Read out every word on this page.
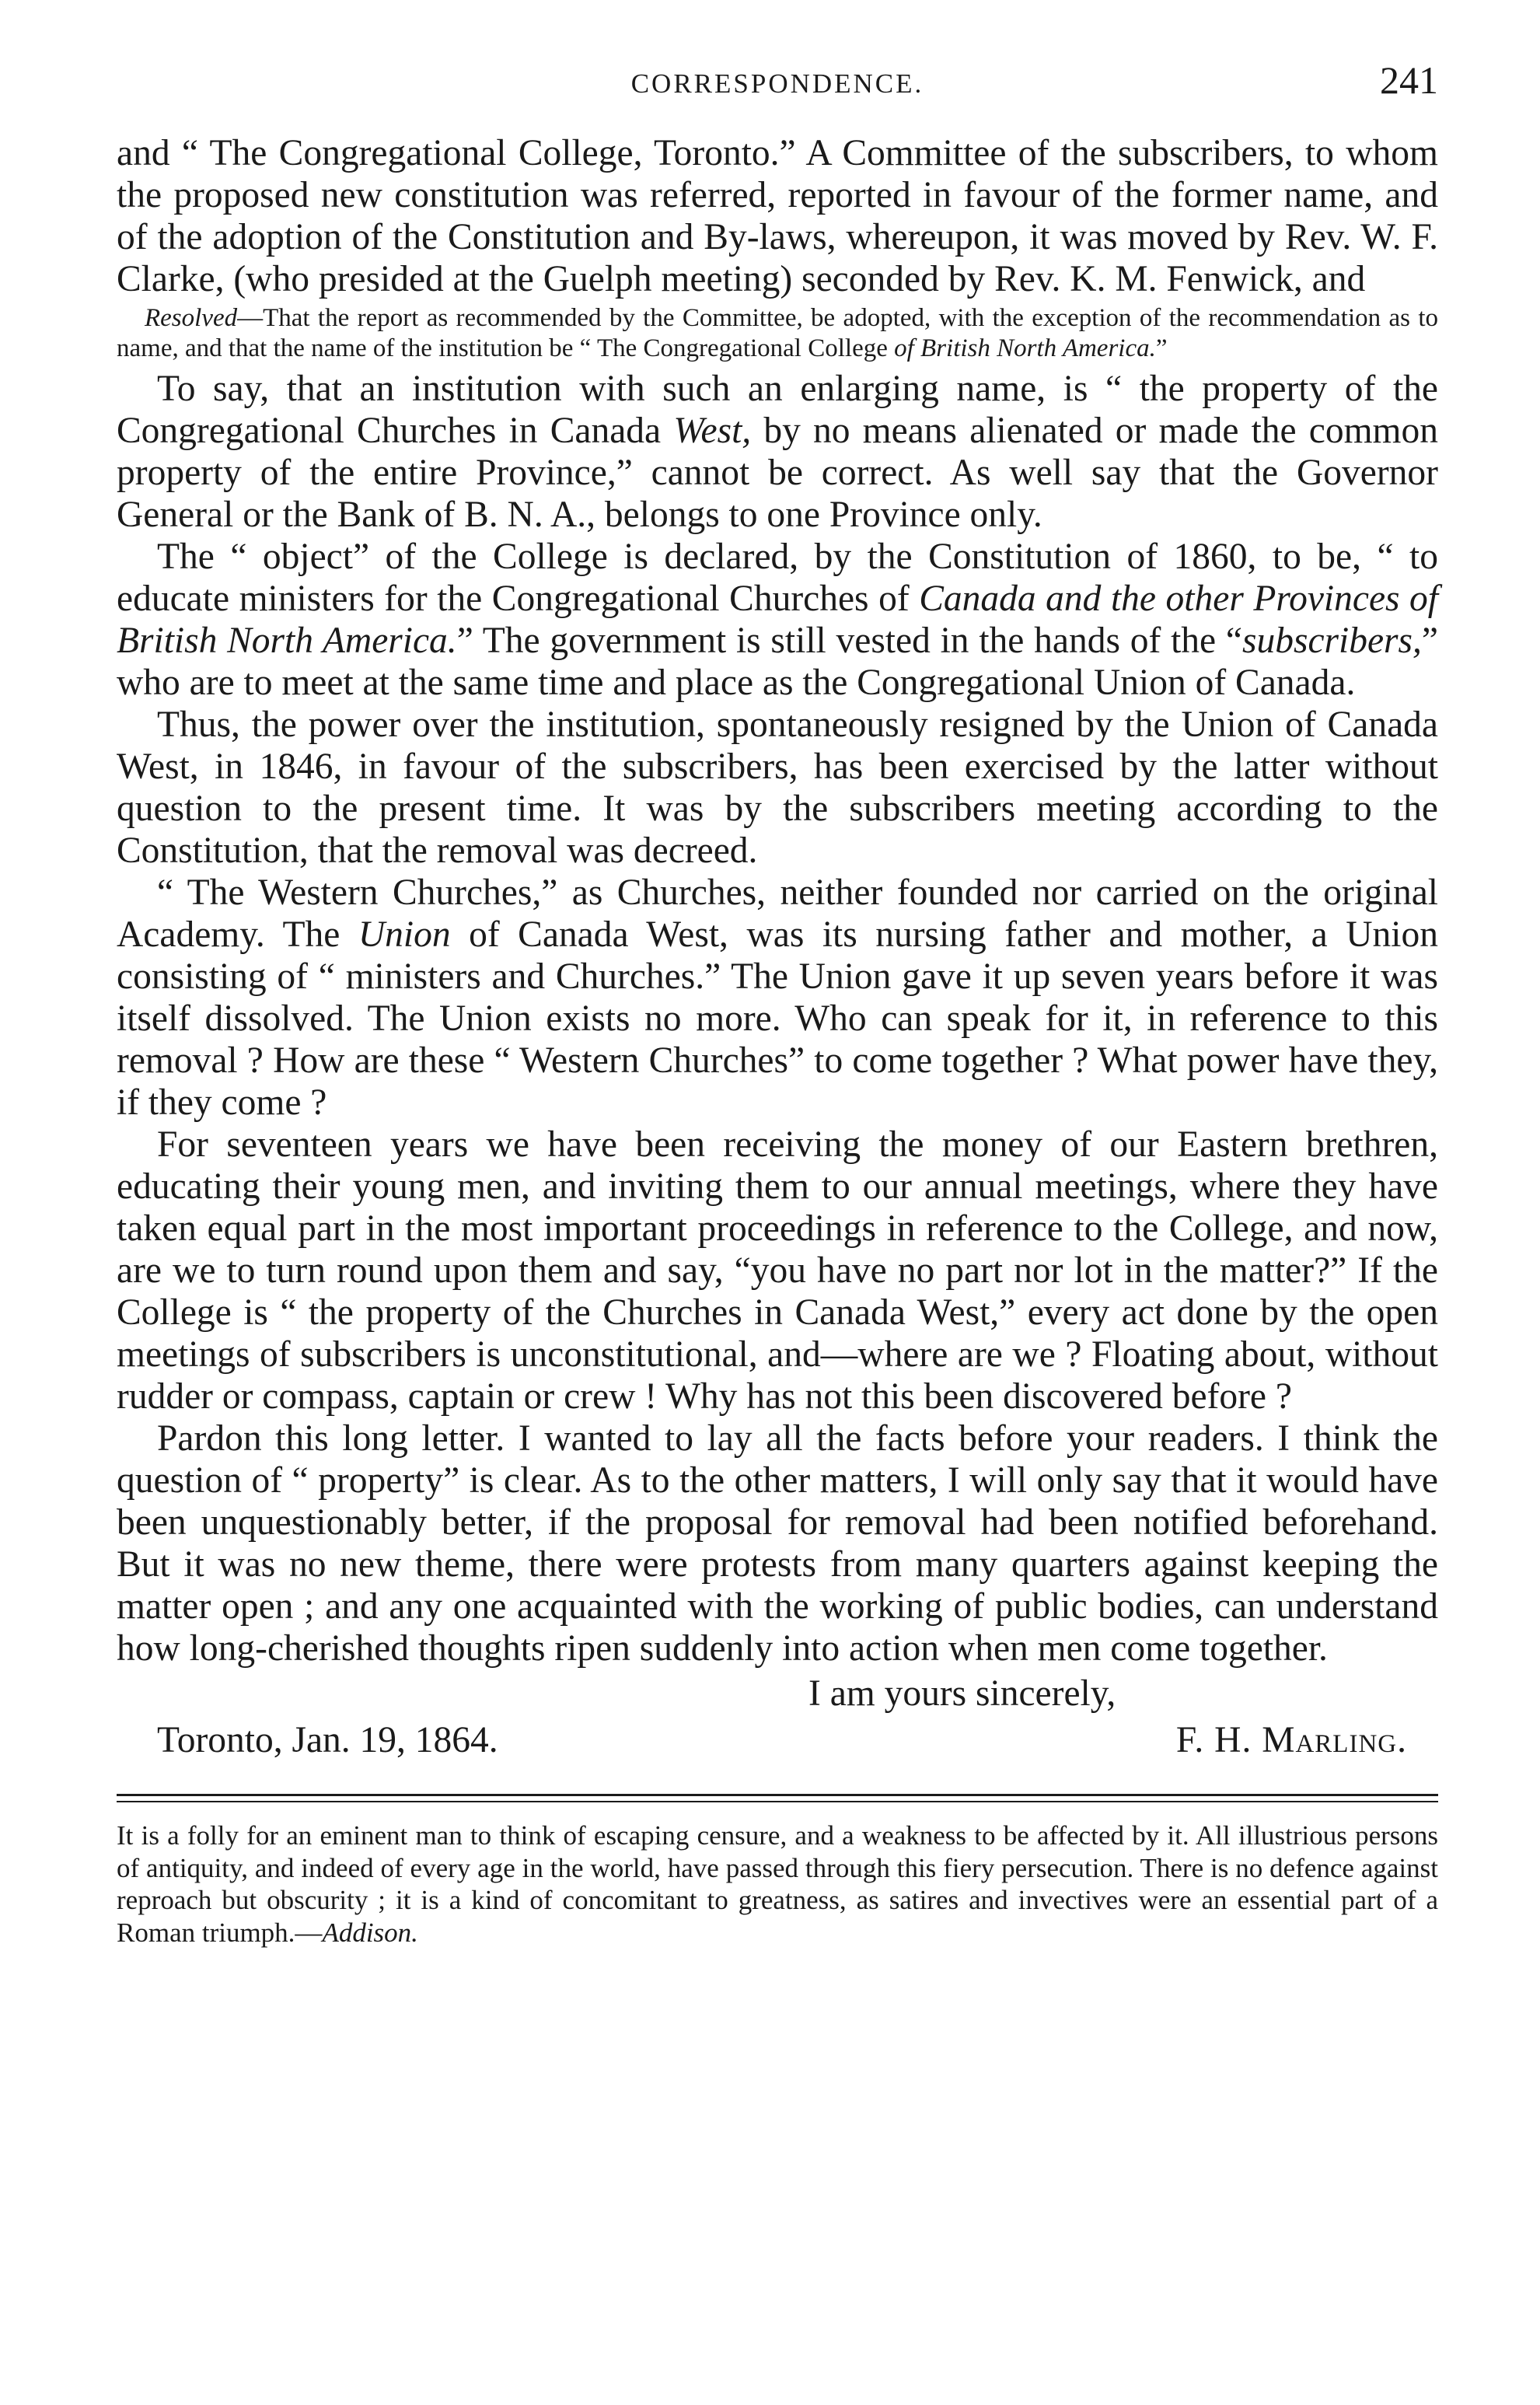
CORRESPONDENCE.	241

and “ The Congregational College, Toronto.” A Committee of the subscribers, to whom the proposed new constitution was referred, reported in favour of the former name, and of the adoption of the Constitution and By-laws, whereupon, it was moved by Rev. W. F. Clarke, (who presided at the Guelph meeting) seconded by Rev. K. M. Fenwick, and

Resolved—That the report as recommended by the Committee, be adopted, with the exception of the recommendation as to name, and that the name of the institution be “ The Congregational College of British North America.”

To say, that an institution with such an enlarging name, is “ the property of the Congregational Churches in Canada West, by no means alienated or made the common property of the entire Province,” cannot be correct. As well say that the Governor General or the Bank of B. N. A., belongs to one Province only.

The “ object” of the College is declared, by the Constitution of 1860, to be, “ to educate ministers for the Congregational Churches of Canada and the other Provinces of British North America.” The government is still vested in the hands of the “subscribers,” who are to meet at the same time and place as the Congregational Union of Canada.

Thus, the power over the institution, spontaneously resigned by the Union of Canada West, in 1846, in favour of the subscribers, has been exercised by the latter without question to the present time. It was by the subscribers meeting according to the Constitution, that the removal was decreed.

“ The Western Churches,” as Churches, neither founded nor carried on the original Academy. The Union of Canada West, was its nursing father and mother, a Union consisting of “ ministers and Churches.” The Union gave it up seven years before it was itself dissolved. The Union exists no more. Who can speak for it, in reference to this removal ? How are these “ Western Churches” to come together ? What power have they, if they come ?

For seventeen years we have been receiving the money of our Eastern brethren, educating their young men, and inviting them to our annual meetings, where they have taken equal part in the most important proceedings in reference to the College, and now, are we to turn round upon them and say, “you have no part nor lot in the matter?” If the College is “ the property of the Churches in Canada West,” every act done by the open meetings of subscribers is unconstitutional, and—where are we ? Floating about, without rudder or compass, captain or crew ! Why has not this been discovered before ?

Pardon this long letter. I wanted to lay all the facts before your readers. I think the question of “ property” is clear. As to the other matters, I will only say that it would have been unquestionably better, if the proposal for removal had been notified beforehand. But it was no new theme, there were protests from many quarters against keeping the matter open ; and any one acquainted with the working of public bodies, can understand how long-cherished thoughts ripen suddenly into action when men come together.

I am yours sincerely,
Toronto, Jan. 19, 1864.	F. H. Marling.

It is a folly for an eminent man to think of escaping censure, and a weakness to be affected by it. All illustrious persons of antiquity, and indeed of every age in the world, have passed through this fiery persecution. There is no defence against reproach but obscurity ; it is a kind of concomitant to greatness, as satires and invectives were an essential part of a Roman triumph.—Addison.
